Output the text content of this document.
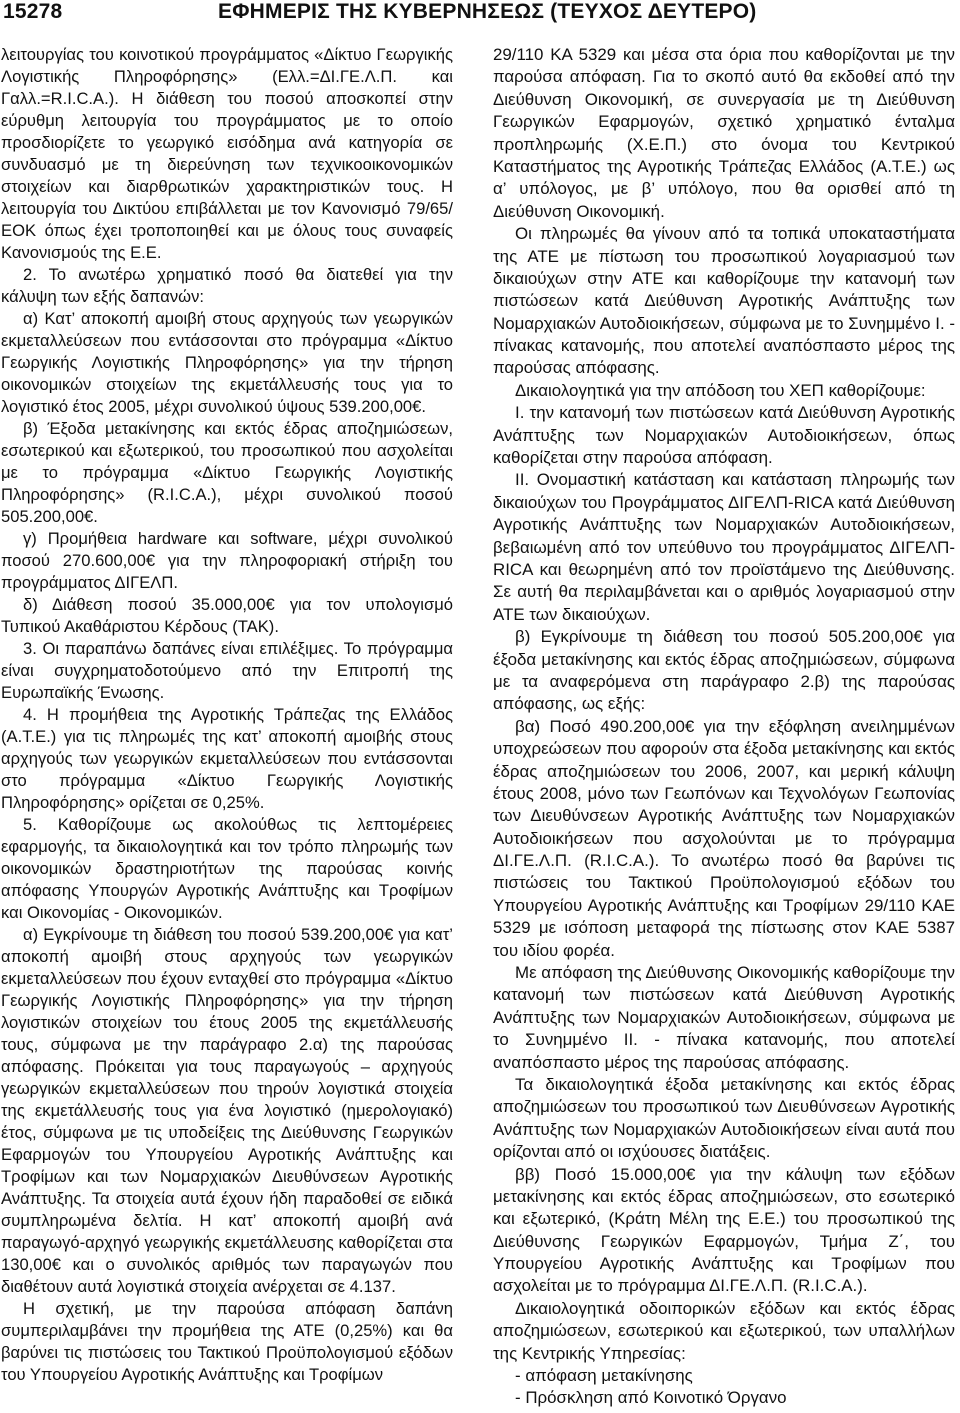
15278	ΕΦΗΜΕΡΙΣ ΤΗΣ ΚΥΒΕΡΝΗΣΕΩΣ (ΤΕΥΧΟΣ ΔΕΥΤΕΡΟ)

λειτουργίας του κοινοτικού προγράμματος «Δίκτυο Γεωργικής Λογιστικής Πληροφόρησης» (Ελλ.=ΔΙ.ΓΕ.Λ.Π. και Γαλλ.=R.I.C.A.). Η διάθεση του ποσού αποσκοπεί στην εύρυθμη λειτουργία του προγράμματος με το οποίο προσδιορίζετε το γεωργικό εισόδημα ανά κατηγορία σε συνδυασμό με τη διερεύνηση των τεχνικοοικονομικών στοιχείων και διαρθρωτικών χαρακτηριστικών τους. Η λειτουργία του Δικτύου επιβάλλεται με τον Κανονισμό 79/65/ΕΟΚ όπως έχει τροποποιηθεί και με όλους τους συναφείς Κανονισμούς της Ε.Ε.

2. Το ανωτέρω χρηματικό ποσό θα διατεθεί για την κάλυψη των εξής δαπανών:

α) Κατ’ αποκοπή αμοιβή στους αρχηγούς των γεωργικών εκμεταλλεύσεων που εντάσσονται στο πρόγραμμα «Δίκτυο Γεωργικής Λογιστικής Πληροφόρησης» για την τήρηση οικονομικών στοιχείων της εκμετάλλευσής τους για το λογιστικό έτος 2005, μέχρι συνολικού ύψους 539.200,00€.

β) Έξοδα μετακίνησης και εκτός έδρας αποζημιώσεων, εσωτερικού και εξωτερικού, του προσωπικού που ασχολείται με το πρόγραμμα «Δίκτυο Γεωργικής Λογιστικής Πληροφόρησης» (R.I.C.A.), μέχρι συνολικού ποσού 505.200,00€.

γ) Προμήθεια hardware και software, μέχρι συνολικού ποσού 270.600,00€ για την πληροφοριακή στήριξη του προγράμματος ΔΙΓΕΛΠ.

δ) Διάθεση ποσού 35.000,00€ για τον υπολογισμό Τυπικού Ακαθάριστου Κέρδους (ΤΑΚ).

3. Οι παραπάνω δαπάνες είναι επιλέξιμες. Το πρόγραμμα είναι συγχρηματοδοτούμενο από την Επιτροπή της Ευρωπαϊκής Ένωσης.

4. Η προμήθεια της Αγροτικής Τράπεζας της Ελλάδος (Α.Τ.Ε.) για τις πληρωμές της κατ’ αποκοπή αμοιβής στους αρχηγούς των γεωργικών εκμεταλλεύσεων που εντάσσονται στο πρόγραμμα «Δίκτυο Γεωργικής Λογιστικής Πληροφόρησης» ορίζεται σε 0,25%.

5. Καθορίζουμε ως ακολούθως τις λεπτομέρειες εφαρμογής, τα δικαιολογητικά και τον τρόπο πληρωμής των οικονομικών δραστηριοτήτων της παρούσας κοινής απόφασης Υπουργών Αγροτικής Ανάπτυξης και Τροφίμων και Οικονομίας - Οικονομικών.

α) Εγκρίνουμε τη διάθεση του ποσού 539.200,00€ για κατ’ αποκοπή αμοιβή στους αρχηγούς των γεωργικών εκμεταλλεύσεων που έχουν ενταχθεί στο πρόγραμμα «Δίκτυο Γεωργικής Λογιστικής Πληροφόρησης» για την τήρηση λογιστικών στοιχείων του έτους 2005 της εκμετάλλευσής τους, σύμφωνα με την παράγραφο 2.α) της παρούσας απόφασης. Πρόκειται για τους παραγωγούς – αρχηγούς γεωργικών εκμεταλλεύσεων που τηρούν λογιστικά στοιχεία της εκμετάλλευσής τους για ένα λογιστικό (ημερολογιακό) έτος, σύμφωνα με τις υποδείξεις της Διεύθυνσης Γεωργικών Εφαρμογών του Υπουργείου Αγροτικής Ανάπτυξης και Τροφίμων και των Νομαρχιακών Διευθύνσεων Αγροτικής Ανάπτυξης. Τα στοιχεία αυτά έχουν ήδη παραδοθεί σε ειδικά συμπληρωμένα δελτία. Η κατ’ αποκοπή αμοιβή ανά παραγωγό-αρχηγό γεωργικής εκμετάλλευσης καθορίζεται στα 130,00€ και ο συνολικός αριθμός των παραγωγών που διαθέτουν αυτά λογιστικά στοιχεία ανέρχεται σε 4.137.

Η σχετική, με την παρούσα απόφαση δαπάνη συμπεριλαμβάνει την προμήθεια της ΑΤΕ (0,25%) και θα βαρύνει τις πιστώσεις του Τακτικού Προϋπολογισμού εξόδων του Υπουργείου Αγροτικής Ανάπτυξης και Τροφίμων

29/110 ΚΑ 5329 και μέσα στα όρια που καθορίζονται με την παρούσα απόφαση. Για το σκοπό αυτό θα εκδοθεί από την Διεύθυνση Οικονομική, σε συνεργασία με τη Διεύθυνση Γεωργικών Εφαρμογών, σχετικό χρηματικό ένταλμα προπληρωμής (Χ.Ε.Π.) στο όνομα του Κεντρικού Καταστήματος της Αγροτικής Τράπεζας Ελλάδος (Α.Τ.Ε.) ως α’ υπόλογος, με β’ υπόλογο, που θα ορισθεί από τη Διεύθυνση Οικονομική.

Οι πληρωμές θα γίνουν από τα τοπικά υποκαταστήματα της ΑΤΕ με πίστωση του προσωπικού λογαριασμού των δικαιούχων στην ΑΤΕ και καθορίζουμε την κατανομή των πιστώσεων κατά Διεύθυνση Αγροτικής Ανάπτυξης των Νομαρχιακών Αυτοδιοικήσεων, σύμφωνα με το Συνημμένο Ι. - πίνακας κατανομής, που αποτελεί αναπόσπαστο μέρος της παρούσας απόφασης.

Δικαιολογητικά για την απόδοση του ΧΕΠ καθορίζουμε:

Ι. την κατανομή των πιστώσεων κατά Διεύθυνση Αγροτικής Ανάπτυξης των Νομαρχιακών Αυτοδιοικήσεων, όπως καθορίζεται στην παρούσα απόφαση.

ΙΙ. Ονομαστική κατάσταση και κατάσταση πληρωμής των δικαιούχων του Προγράμματος ΔΙΓΕΛΠ-RICA κατά Διεύθυνση Αγροτικής Ανάπτυξης των Νομαρχιακών Αυτοδιοικήσεων, βεβαιωμένη από τον υπεύθυνο του προγράμματος ΔΙΓΕΛΠ-RICA και θεωρημένη από τον προϊστάμενο της Διεύθυνσης. Σε αυτή θα περιλαμβάνεται και ο αριθμός λογαριασμού στην ΑΤΕ των δικαιούχων.

β) Εγκρίνουμε τη διάθεση του ποσού 505.200,00€ για έξοδα μετακίνησης και εκτός έδρας αποζημιώσεων, σύμφωνα με τα αναφερόμενα στη παράγραφο 2.β) της παρούσας απόφασης, ως εξής:

βα) Ποσό 490.200,00€ για την εξόφληση ανειλημμένων υποχρεώσεων που αφορούν στα έξοδα μετακίνησης και εκτός έδρας αποζημιώσεων του 2006, 2007, και μερική κάλυψη έτους 2008, μόνο των Γεωπόνων και Τεχνολόγων Γεωπονίας των Διευθύνσεων Αγροτικής Ανάπτυξης των Νομαρχιακών Αυτοδιοικήσεων που ασχολούνται με το πρόγραμμα ΔΙ.ΓΕ.Λ.Π. (R.I.C.A.). Το ανωτέρω ποσό θα βαρύνει τις πιστώσεις του Τακτικού Προϋπολογισμού εξόδων του Υπουργείου Αγροτικής Ανάπτυξης και Τροφίμων 29/110 ΚΑΕ 5329 με ισόποση μεταφορά της πίστωσης στον ΚΑΕ 5387 του ιδίου φορέα.

Με απόφαση της Διεύθυνσης Οικονομικής καθορίζουμε την κατανομή των πιστώσεων κατά Διεύθυνση Αγροτικής Ανάπτυξης των Νομαρχιακών Αυτοδιοικήσεων, σύμφωνα με το Συνημμένο ΙΙ. - πίνακα κατανομής, που αποτελεί αναπόσπαστο μέρος της παρούσας απόφασης.

Τα δικαιολογητικά έξοδα μετακίνησης και εκτός έδρας αποζημιώσεων του προσωπικού των Διευθύνσεων Αγροτικής Ανάπτυξης των Νομαρχιακών Αυτοδιοικήσεων είναι αυτά που ορίζονται από οι ισχύουσες διατάξεις.

ββ) Ποσό 15.000,00€ για την κάλυψη των εξόδων μετακίνησης και εκτός έδρας αποζημιώσεων, στο εσωτερικό και εξωτερικό, (Κράτη Μέλη της Ε.Ε.) του προσωπικού της Διεύθυνσης Γεωργικών Εφαρμογών, Τμήμα Ζ΄, του Υπουργείου Αγροτικής Ανάπτυξης και Τροφίμων που ασχολείται με το πρόγραμμα ΔΙ.ΓΕ.Λ.Π. (R.I.C.A.).

Δικαιολογητικά οδοιπορικών εξόδων και εκτός έδρας αποζημιώσεων, εσωτερικού και εξωτερικού, των υπαλλήλων της Κεντρικής Υπηρεσίας:

- απόφαση μετακίνησης

- Πρόσκληση από Κοινοτικό Όργανο
